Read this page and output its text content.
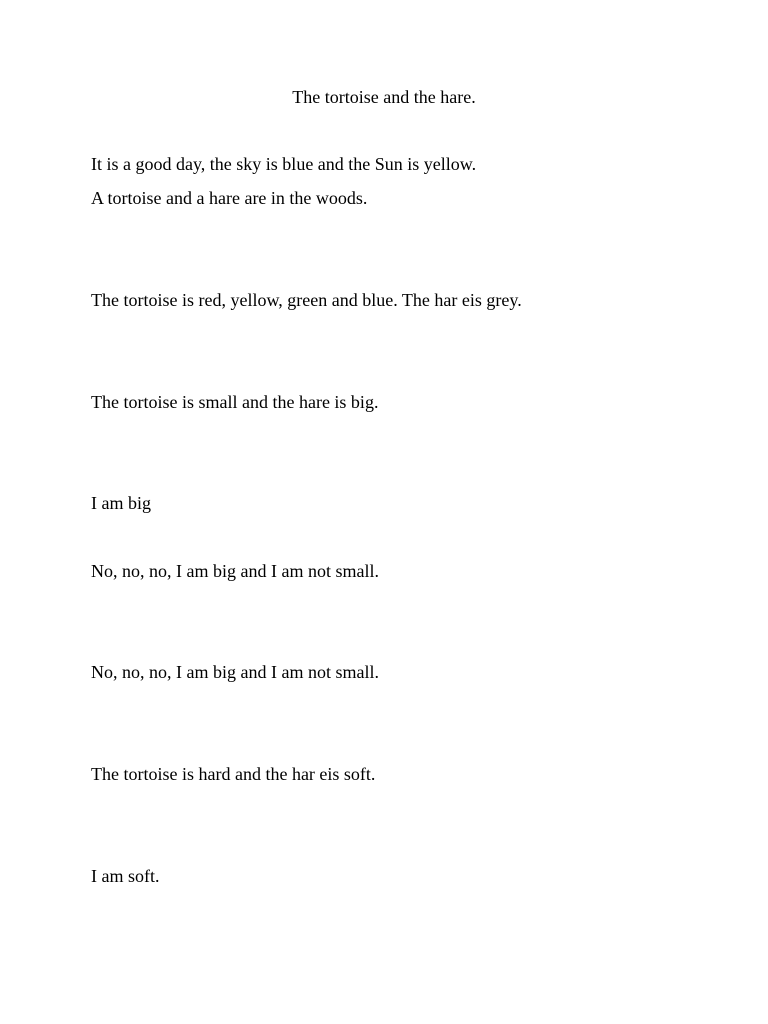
The tortoise and the hare.

It is a good day, the sky is blue and the Sun is yellow.

A tortoise and a hare are in the woods.

The tortoise is red, yellow, green and blue. The har eis grey.

The tortoise is small and the hare is big.

I am big

No, no, no, I am big and I am not small.

No, no, no, I am big and I am not small.

The tortoise is hard and the har eis soft.

I am soft.
